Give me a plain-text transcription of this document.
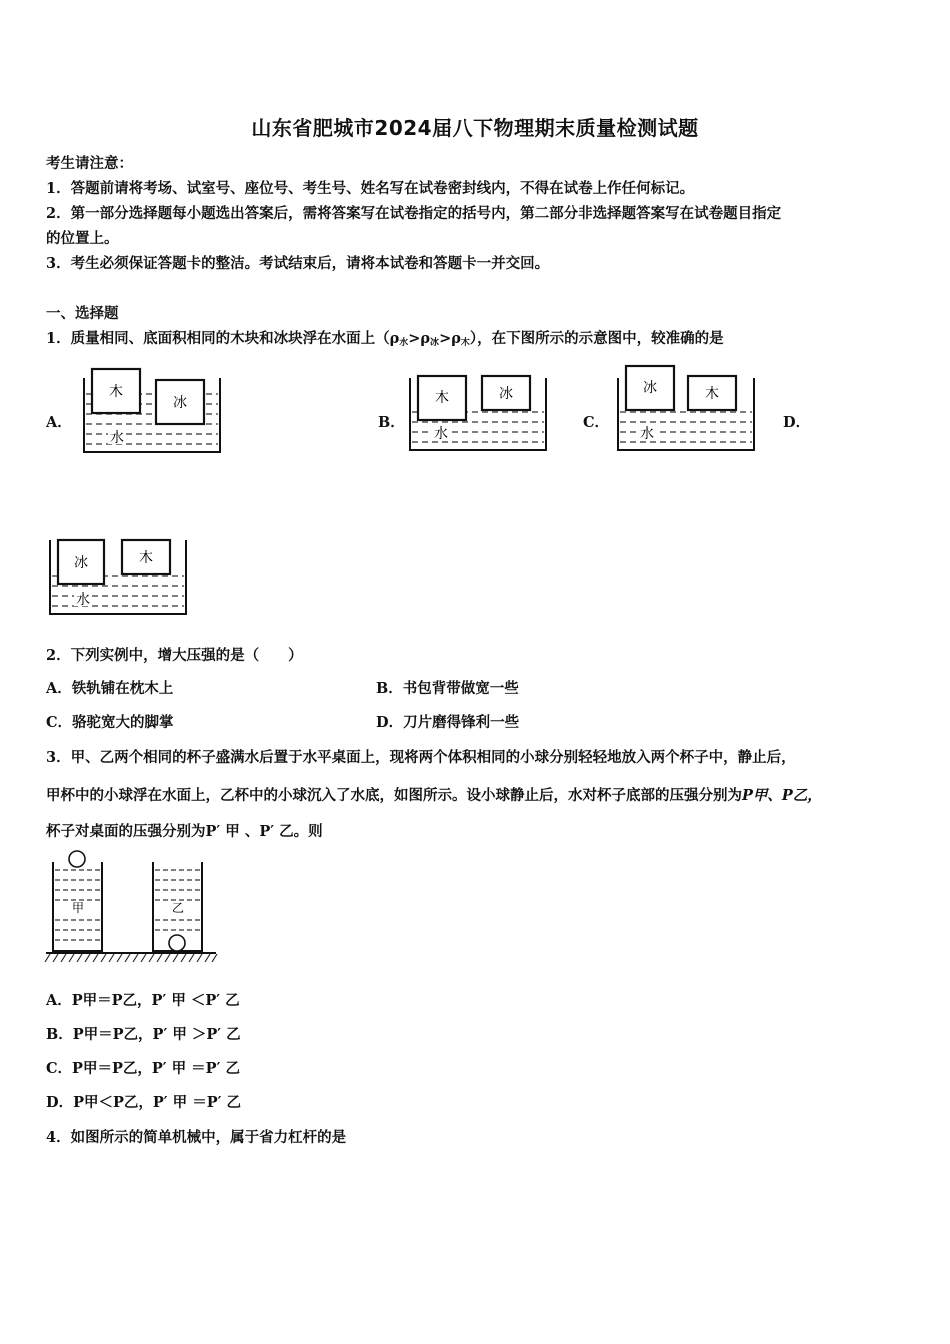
山东省肥城市2024届八下物理期末质量检测试题
考生请注意：
1．答题前请将考场、试室号、座位号、考生号、姓名写在试卷密封线内，不得在试卷上作任何标记。
2．第一部分选择题每小题选出答案后，需将答案写在试卷指定的括号内，第二部分非选择题答案写在试卷题目指定
的位置上。
3．考生必须保证答题卡的整洁。考试结束后，请将本试卷和答题卡一并交回。
一、选择题
1．质量相同、底面积相同的木块和冰块浮在水面上$(\rho_水>\rho_冰>\rho_木)$，在下图所示的示意图中，较准确的是
A．	B．	C．	D．
木
冰
水
木	冰
水
冰	木
水
冰	木
水
2．下列实例中，增大压强的是（　　）
A．铁轨铺在枕木上	B．书包背带做宽一些
C．骆驼宽大的脚掌	D．刀片磨得锋利一些
3．甲、乙两个相同的杯子盛满水后置于水平桌面上，现将两个体积相同的小球分别轻轻地放入两个杯子中，静止后，
甲杯中的小球浮在水面上，乙杯中的小球沉入了水底，如图所示。设小球静止后，水对杯子底部的压强分别为P甲、P乙，
杯子对桌面的压强分别为P′ 甲 、P′ 乙。则
甲	乙
A．P甲＝P乙，P′ 甲 ＜P′ 乙
B．P甲＝P乙，P′ 甲 ＞P′ 乙
C．P甲＝P乙，P′ 甲 ＝P′ 乙
D．P甲＜P乙，P′ 甲 ＝P′ 乙
4．如图所示的简单机械中，属于省力杠杆的是
